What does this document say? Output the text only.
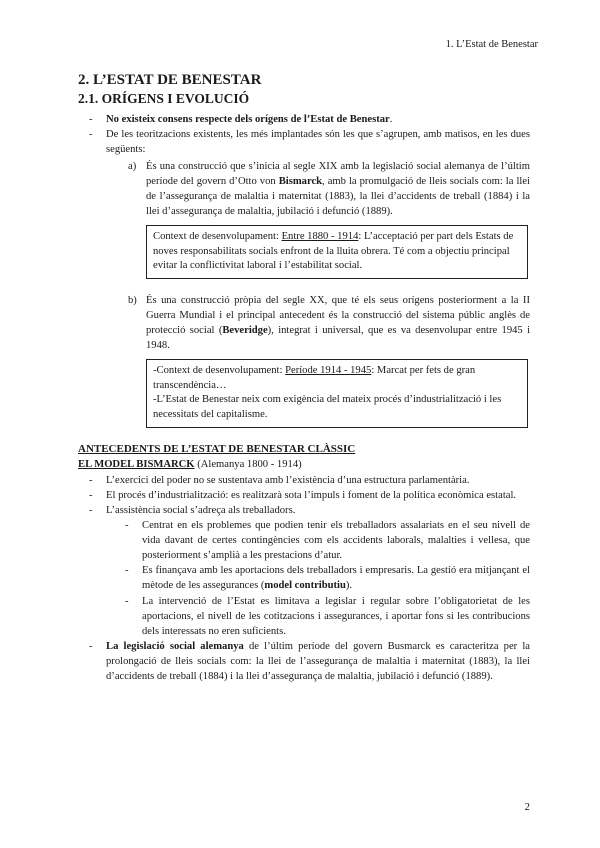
1. L’Estat de Benestar
2. L’ESTAT DE BENESTAR
2.1. ORÍGENS I EVOLUCIÓ
- No existeix consens respecte dels orígens de l’Estat de Benestar.
- De les teoritzacions existents, les més implantades són les que s’agrupen, amb matisos, en les dues següents:
a) És una construcció que s’inicia al segle XIX amb la legislació social alemanya de l’últim període del govern d’Otto von Bismarck, amb la promulgació de lleis socials com: la llei de l’assegurança de malaltia i maternitat (1883), la llei d’accidents de treball (1884) i la llei d’assegurança de malaltia, jubilació i defunció (1889).

Context de desenvolupament: Entre 1880 - 1914: L’acceptació per part dels Estats de noves responsabilitats socials enfront de la lluita obrera. Té com a objectiu principal evitar la conflictivitat laboral i l’estabilitat social.

b) És una construcció pròpia del segle XX, que té els seus orígens posteriorment a la II Guerra Mundial i el principal antecedent és la construcció del sistema públic anglès de protecció social (Beveridge), integrat i universal, que es va desenvolupar entre 1945 i 1948.

-Context de desenvolupament: Període 1914 - 1945: Marcat per fets de gran transcendència…

-L’Estat de Benestar neix com exigència del mateix procés d’industrialització i les necessitats del capitalisme.

ANTECEDENTS DE L’ESTAT DE BENESTAR CLÀSSIC
EL MODEL BISMARCK (Alemanya 1800 - 1914)
- L’exercici del poder no se sustentava amb l’existència d’una estructura parlamentària.
- El procés d’industrialització: es realitzarà sota l’impuls i foment de la política econòmica estatal.
- L’assistència social s’adreça als treballadors.
- Centrat en els problemes que podien tenir els treballadors assalariats en el seu nivell de vida davant de certes contingències com els accidents laborals, malalties i vellesa, que posteriorment s’amplià a les prestacions d’atur.
- Es finançava amb les aportacions dels treballadors i empresaris. La gestió era mitjançant el mètode de les assegurances (model contributiu).
- La intervenció de l’Estat es limitava a legislar i regular sobre l’obligatorietat de les aportacions, el nivell de les cotitzacions i assegurances, i aportar fons si les contribucions dels interessats no eren suficients.
- La legislació social alemanya de l’últim període del govern Busmarck es caracteritza per la prolongació de lleis socials com: la llei de l’assegurança de malaltia i maternitat (1883), la llei d’accidents de treball (1884) i la llei d’assegurança de malaltia, jubilació i defunció (1889).
2
